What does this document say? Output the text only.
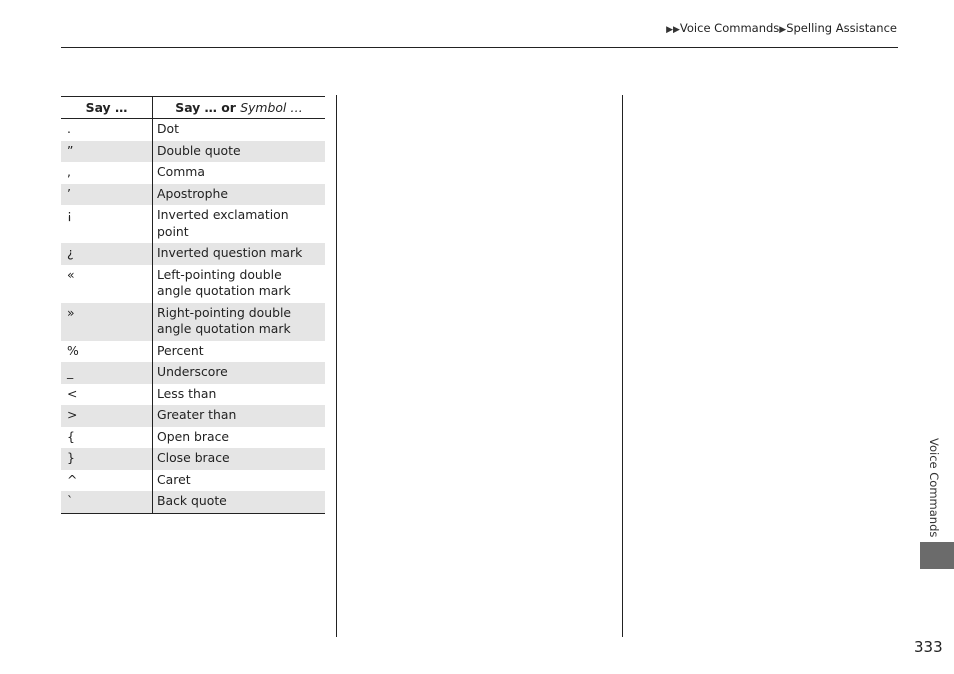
▶▶Voice Commands▶Spelling Assistance
Say …	Say … or Symbol …
.	Dot
”	Double quote
,	Comma
’	Apostrophe
¡	Inverted exclamation point
¿	Inverted question mark
«	Left-pointing double angle quotation mark
»	Right-pointing double angle quotation mark
%	Percent
_	Underscore
<	Less than
>	Greater than
{	Open brace
}	Close brace
^	Caret
`	Back quote	Voice Commands
333
